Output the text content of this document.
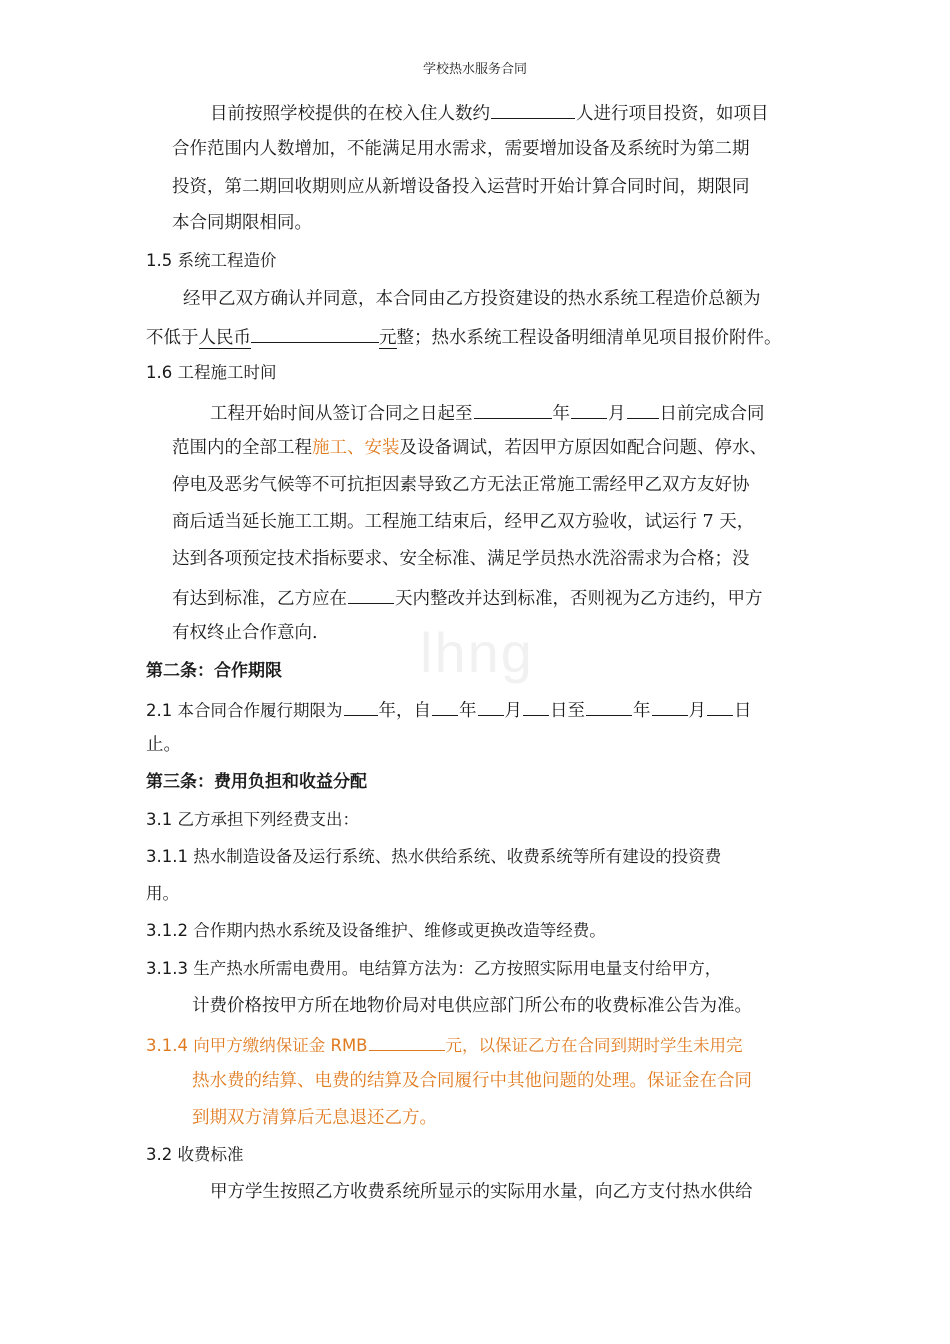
学校热水服务合同
lhng
目前按照学校提供的在校入住人数约	人进行项目投资，如项目
合作范围内人数增加，不能满足用水需求，需要增加设备及系统时为第二期
投资，第二期回收期则应从新增设备投入运营时开始计算合同时间，期限同
本合同期限相同。
1.5 系统工程造价
经甲乙双方确认并同意，本合同由乙方投资建设的热水系统工程造价总额为
不低于人民币	元整；热水系统工程设备明细清单见项目报价附件。
1.6 工程施工时间
工程开始时间从签订合同之日起至	年 月 日前完成合同
范围内的全部工程施工、安装及设备调试，若因甲方原因如配合问题、停水、
停电及恶劣气候等不可抗拒因素导致乙方无法正常施工需经甲乙双方友好协
商后适当延长施工工期。工程施工结束后，经甲乙双方验收，试运行 7 天，
达到各项预定技术指标要求、安全标准、满足学员热水洗浴需求为合格；没
有达到标准，乙方应在	天内整改并达到标准，否则视为乙方违约，甲方
有权终止合作意向.
第二条：合作期限
2.1 本合同合作履行期限为 年，自 年 月 日至	年 月 日
止。
第三条：费用负担和收益分配
3.1 乙方承担下列经费支出：
3.1.1 热水制造设备及运行系统、热水供给系统、收费系统等所有建设的投资费
用。
3.1.2 合作期内热水系统及设备维护、维修或更换改造等经费。
3.1.3 生产热水所需电费用。电结算方法为：乙方按照实际用电量支付给甲方，
计费价格按甲方所在地物价局对电供应部门所公布的收费标准公告为准。
3.1.4 向甲方缴纳保证金 RMB	元，以保证乙方在合同到期时学生未用完
热水费的结算、电费的结算及合同履行中其他问题的处理。保证金在合同
到期双方清算后无息退还乙方。
3.2 收费标准
甲方学生按照乙方收费系统所显示的实际用水量，向乙方支付热水供给
